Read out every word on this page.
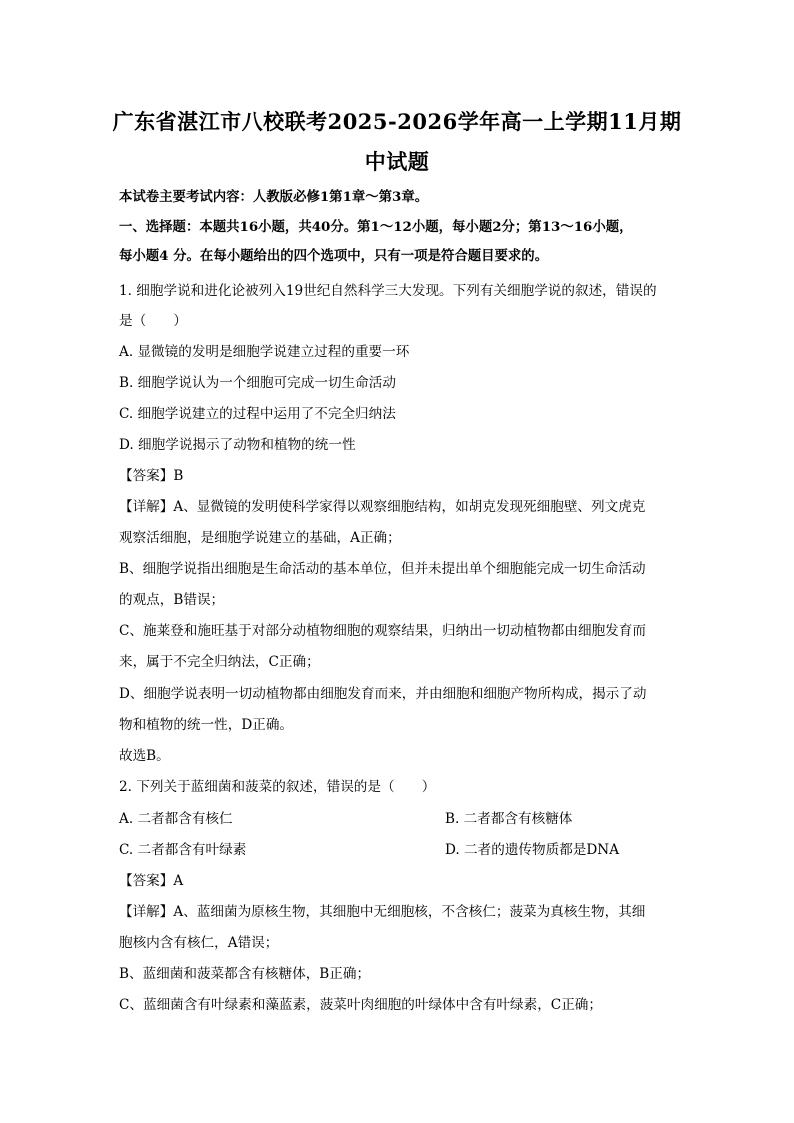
广东省湛江市八校联考2025-2026学年高一上学期11月期
中试题
本试卷主要考试内容：人教版必修1第1章～第3章。
一、选择题：本题共16小题，共40分。第1～12小题，每小题2分；第13～16小题，
每小题4 分。在每小题给出的四个选项中，只有一项是符合题目要求的。
1. 细胞学说和进化论被列入19世纪自然科学三大发现。下列有关细胞学说的叙述，错误的
是（　　）
A. 显微镜的发明是细胞学说建立过程的重要一环
B. 细胞学说认为一个细胞可完成一切生命活动
C. 细胞学说建立的过程中运用了不完全归纳法
D. 细胞学说揭示了动物和植物的统一性
【答案】B
【详解】A、显微镜的发明使科学家得以观察细胞结构，如胡克发现死细胞壁、列文虎克
观察活细胞，是细胞学说建立的基础，A正确；
B、细胞学说指出细胞是生命活动的基本单位，但并未提出单个细胞能完成一切生命活动
的观点，B错误；
C、施莱登和施旺基于对部分动植物细胞的观察结果，归纳出一切动植物都由细胞发育而
来，属于不完全归纳法，C正确；
D、细胞学说表明一切动植物都由细胞发育而来，并由细胞和细胞产物所构成，揭示了动
物和植物的统一性，D正确。
故选B。
2. 下列关于蓝细菌和菠菜的叙述，错误的是（　　）
A. 二者都含有核仁	B. 二者都含有核糖体
C. 二者都含有叶绿素	D. 二者的遗传物质都是DNA
【答案】A
【详解】A、蓝细菌为原核生物，其细胞中无细胞核，不含核仁；菠菜为真核生物，其细
胞核内含有核仁，A错误；
B、蓝细菌和菠菜都含有核糖体，B正确；
C、蓝细菌含有叶绿素和藻蓝素，菠菜叶肉细胞的叶绿体中含有叶绿素，C正确；
